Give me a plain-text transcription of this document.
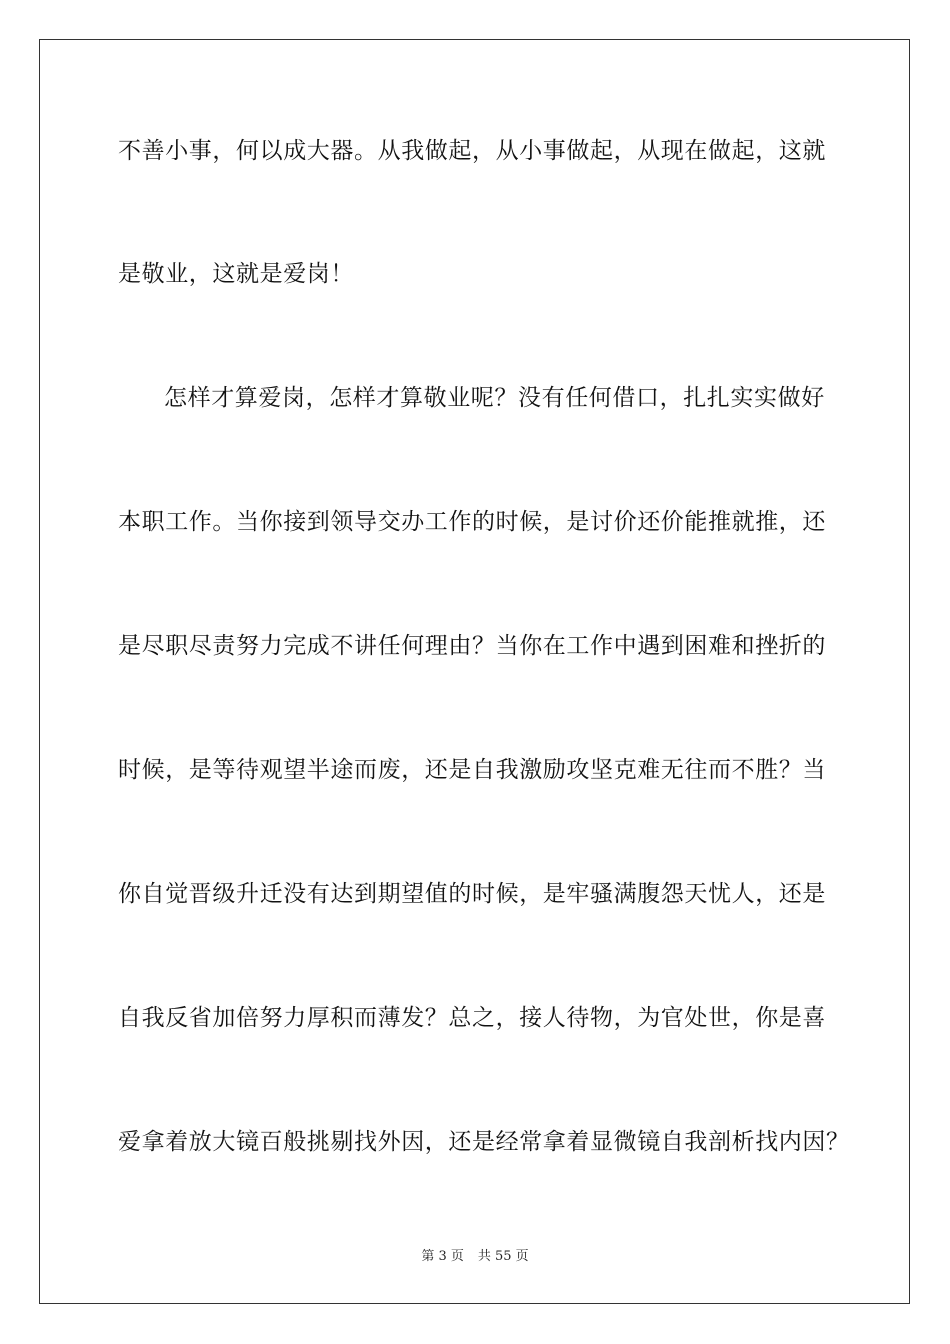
不善小事，何以成大器。从我做起，从小事做起，从现在做起，这就
是敬业，这就是爱岗！
怎样才算爱岗，怎样才算敬业呢？没有任何借口，扎扎实实做好
本职工作。当你接到领导交办工作的时候，是讨价还价能推就推，还
是尽职尽责努力完成不讲任何理由？当你在工作中遇到困难和挫折的
时候，是等待观望半途而废，还是自我激励攻坚克难无往而不胜？当
你自觉晋级升迁没有达到期望值的时候，是牢骚满腹怨天忧人，还是
自我反省加倍努力厚积而薄发？总之，接人待物，为官处世，你是喜
爱拿着放大镜百般挑剔找外因，还是经常拿着显微镜自我剖析找内因？
第 3 页 共 55 页
